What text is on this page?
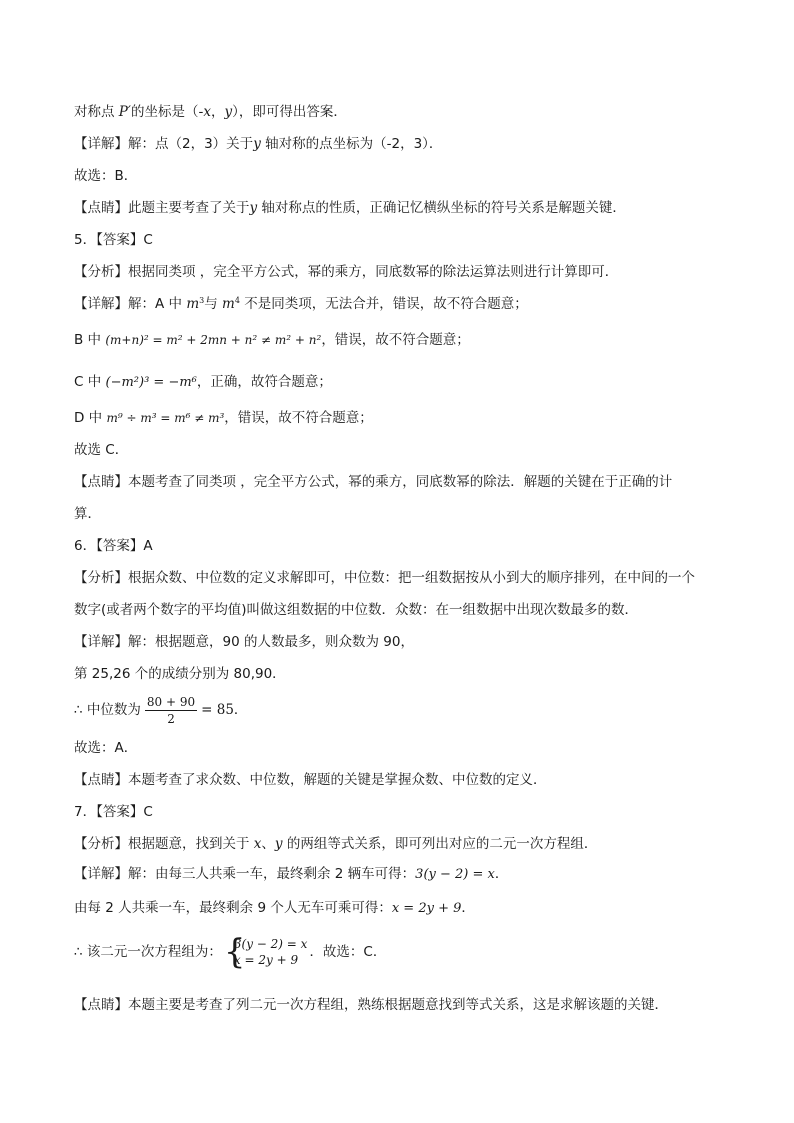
对称点 P′的坐标是（-x，y），即可得出答案．
【详解】解：点（2，3）关于y 轴对称的点坐标为（-2，3）．
故选：B．
【点睛】此题主要考查了关于y 轴对称点的性质，正确记忆横纵坐标的符号关系是解题关键．
5．【答案】C
【分析】根据同类项 ，完全平方公式，幂的乘方，同底数幂的除法运算法则进行计算即可．
【详解】解：A 中 $m^3$与 $m^4$ 不是同类项，无法合并，错误，故不符合题意；
B 中 (m+n)² = m² + 2mn + n² ≠ m² + n²，错误，故不符合题意；
C 中 (−m²)³ = −m⁶，正确，故符合题意；
D 中 m⁹ ÷ m³ = m⁶ ≠ m³，错误，故不符合题意；
故选 C．
【点睛】本题考查了同类项 ，完全平方公式，幂的乘方，同底数幂的除法．解题的关键在于正确的计
算．
6．【答案】A
【分析】根据众数、中位数的定义求解即可，中位数：把一组数据按从小到大的顺序排列，在中间的一个
数字(或者两个数字的平均值)叫做这组数据的中位数．众数：在一组数据中出现次数最多的数．
【详解】解：根据题意，90 的人数最多，则众数为 90，
第 25,26 个的成绩分别为 80,90．
∴ 中位数为 $\frac{80 + 90}{2} = 85$．
故选：A．
【点睛】本题考查了求众数、中位数，解题的关键是掌握众数、中位数的定义．
7．【答案】C
【分析】根据题意，找到关于 x、y 的两组等式关系，即可列出对应的二元一次方程组．
【详解】解：由每三人共乘一车，最终剩余 2 辆车可得：3(y − 2) = x．
由每 2 人共乘一车，最终剩余 9 个人无车可乘可得：x = 2y + 9．
∴ 该二元一次方程组为： {
3(y − 2) = x
x = 2y + 9 ．故选：C．
【点睛】本题主要是考查了列二元一次方程组，熟练根据题意找到等式关系，这是求解该题的关键．
